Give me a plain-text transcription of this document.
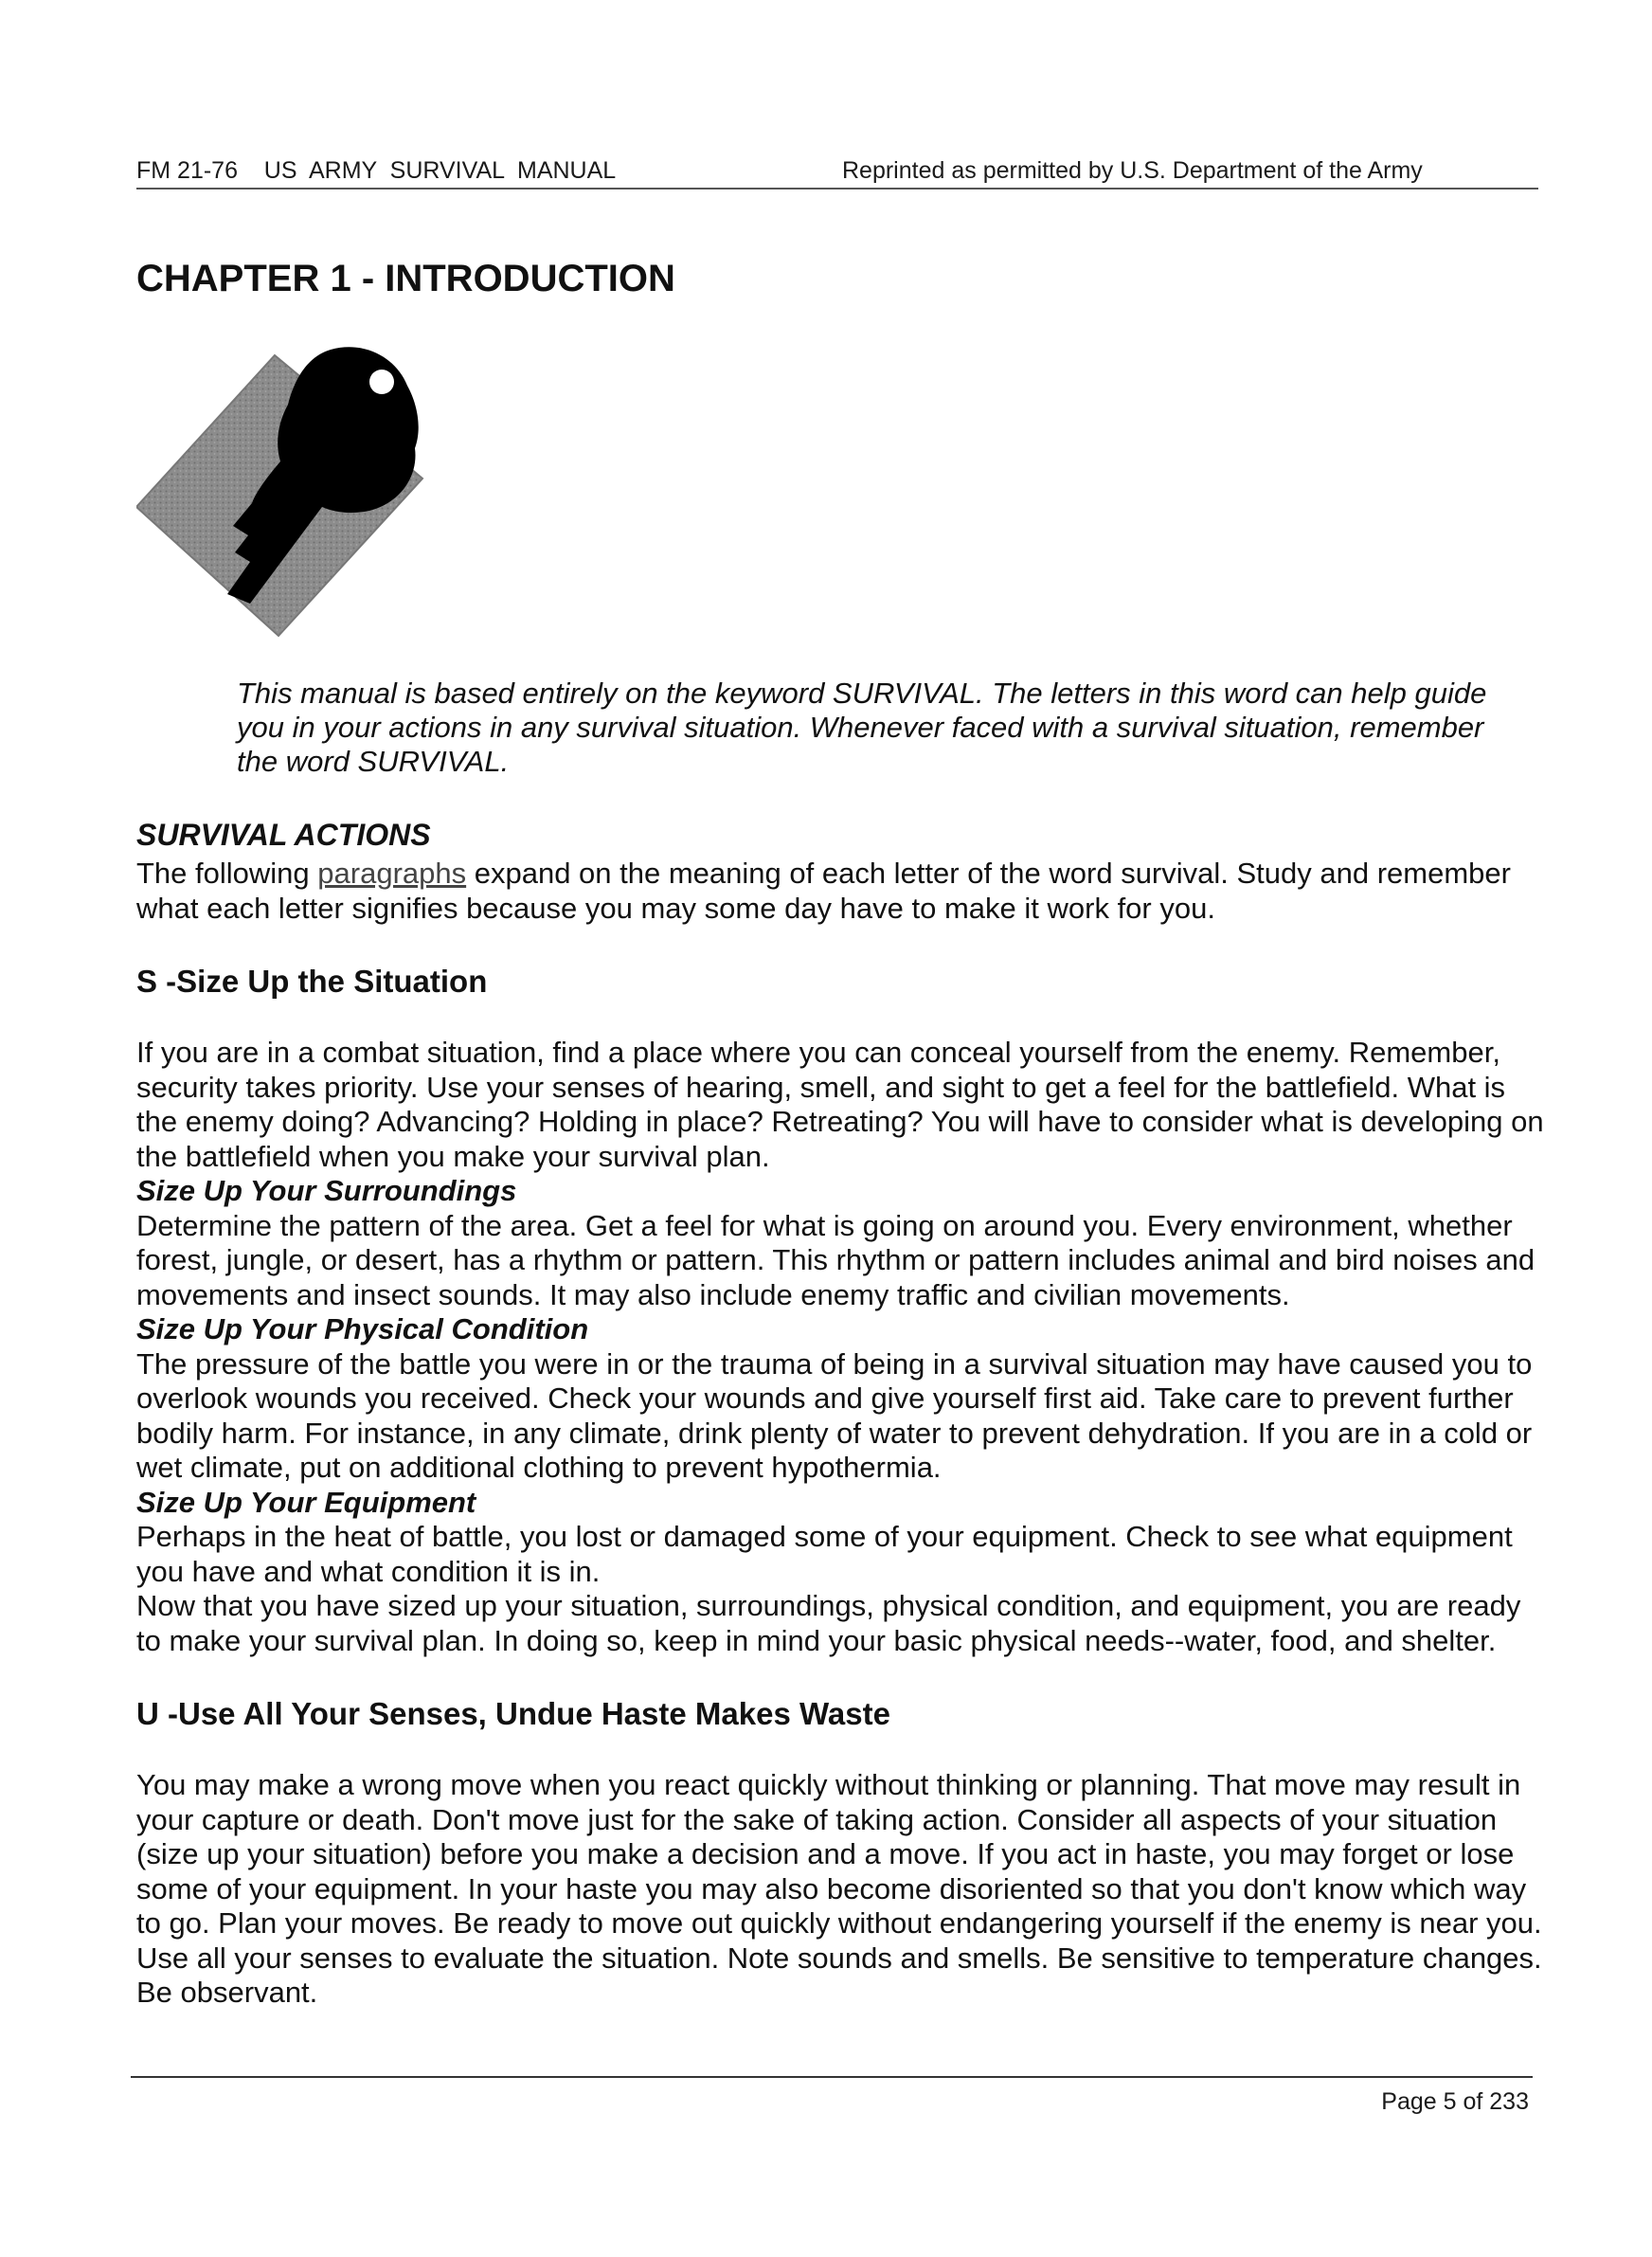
FM 21-76    US  ARMY  SURVIVAL  MANUAL	Reprinted as permitted by U.S. Department of the Army
CHAPTER 1 - INTRODUCTION

This manual is based entirely on the keyword SURVIVAL. The letters in this word can help guide you in your actions in any survival situation. Whenever faced with a survival situation, remember the word SURVIVAL.

SURVIVAL ACTIONS

The following paragraphs expand on the meaning of each letter of the word survival. Study and remember what each letter signifies because you may some day have to make it work for you.

S -Size Up the Situation

If you are in a combat situation, find a place where you can conceal yourself from the enemy. Remember, security takes priority. Use your senses of hearing, smell, and sight to get a feel for the battlefield. What is the enemy doing? Advancing? Holding in place? Retreating? You will have to consider what is developing on the battlefield when you make your survival plan.

Size Up Your Surroundings

Determine the pattern of the area. Get a feel for what is going on around you. Every environment, whether forest, jungle, or desert, has a rhythm or pattern. This rhythm or pattern includes animal and bird noises and movements and insect sounds. It may also include enemy traffic and civilian movements.

Size Up Your Physical Condition

The pressure of the battle you were in or the trauma of being in a survival situation may have caused you to overlook wounds you received. Check your wounds and give yourself first aid. Take care to prevent further bodily harm. For instance, in any climate, drink plenty of water to prevent dehydration. If you are in a cold or wet climate, put on additional clothing to prevent hypothermia.

Size Up Your Equipment

Perhaps in the heat of battle, you lost or damaged some of your equipment. Check to see what equipment you have and what condition it is in.

Now that you have sized up your situation, surroundings, physical condition, and equipment, you are ready to make your survival plan. In doing so, keep in mind your basic physical needs--water, food, and shelter.

U -Use All Your Senses, Undue Haste Makes Waste

You may make a wrong move when you react quickly without thinking or planning. That move may result in your capture or death. Don't move just for the sake of taking action. Consider all aspects of your situation (size up your situation) before you make a decision and a move. If you act in haste, you may forget or lose some of your equipment. In your haste you may also become disoriented so that you don't know which way to go. Plan your moves. Be ready to move out quickly without endangering yourself if the enemy is near you. Use all your senses to evaluate the situation. Note sounds and smells. Be sensitive to temperature changes. Be observant.

Page 5 of 233
